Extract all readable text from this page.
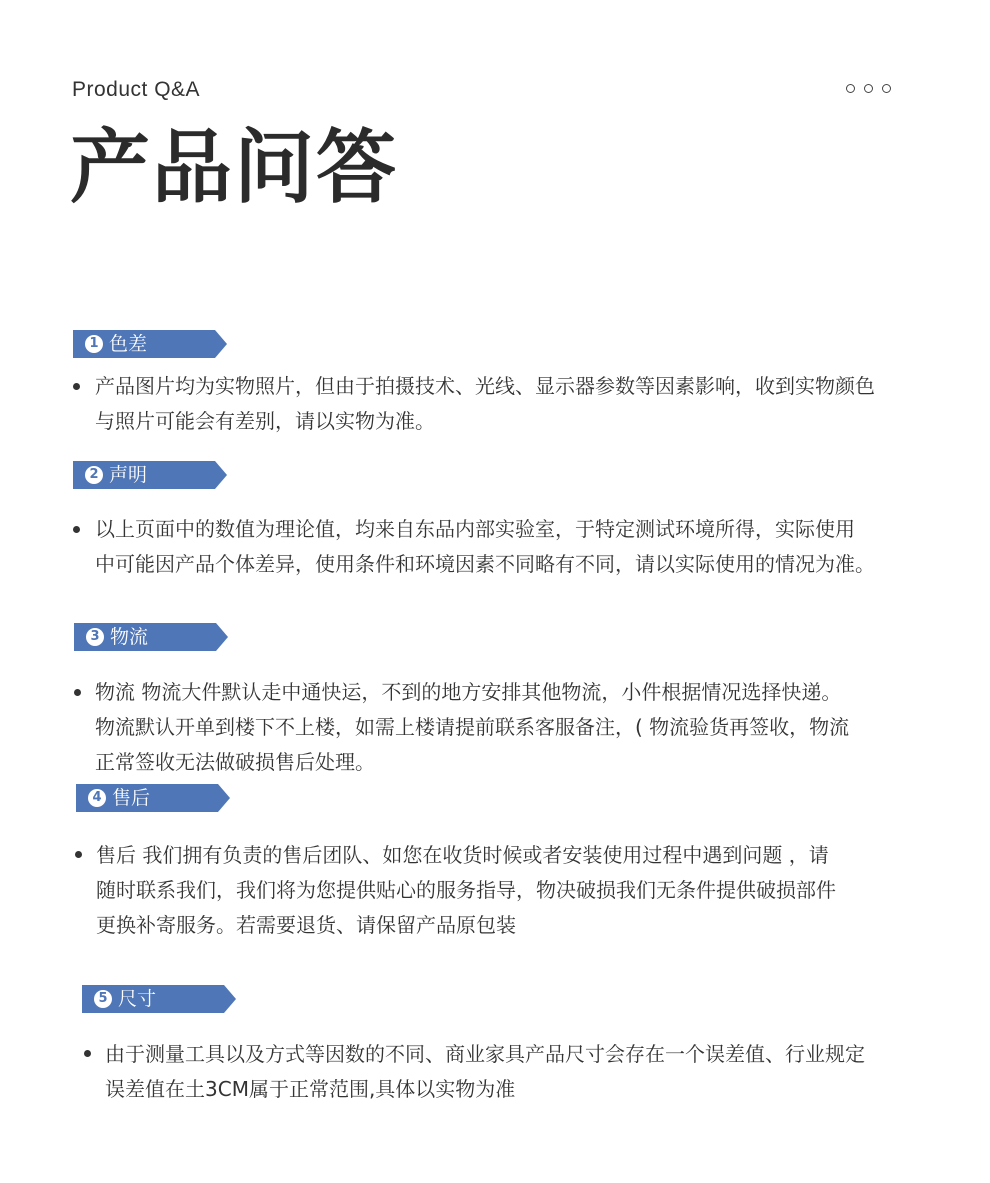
Product Q&A
产品问答
1 色差
产品图片均为实物照片，但由于拍摄技术、光线、显示器参数等因素影响，收到实物颜色
与照片可能会有差别，请以实物为准。
2 声明
以上页面中的数值为理论值，均来自东品内部实验室，于特定测试环境所得，实际使用
中可能因产品个体差异，使用条件和环境因素不同略有不同，请以实际使用的情况为准。
3 物流
物流 物流大件默认走中通快运，不到的地方安排其他物流，小件根据情况选择快递。
物流默认开单到楼下不上楼，如需上楼请提前联系客服备注，( 物流验货再签收，物流
正常签收无法做破损售后处理。
4 售后
售后 我们拥有负责的售后团队、如您在收货时候或者安装使用过程中遇到问题 ，请
随时联系我们，我们将为您提供贴心的服务指导，物决破损我们无条件提供破损部件
更换补寄服务。若需要退货、请保留产品原包装
5 尺寸
由于测量工具以及方式等因数的不同、商业家具产品尺寸会存在一个误差值、行业规定
误差值在土3CM属于正常范围,具体以实物为准
